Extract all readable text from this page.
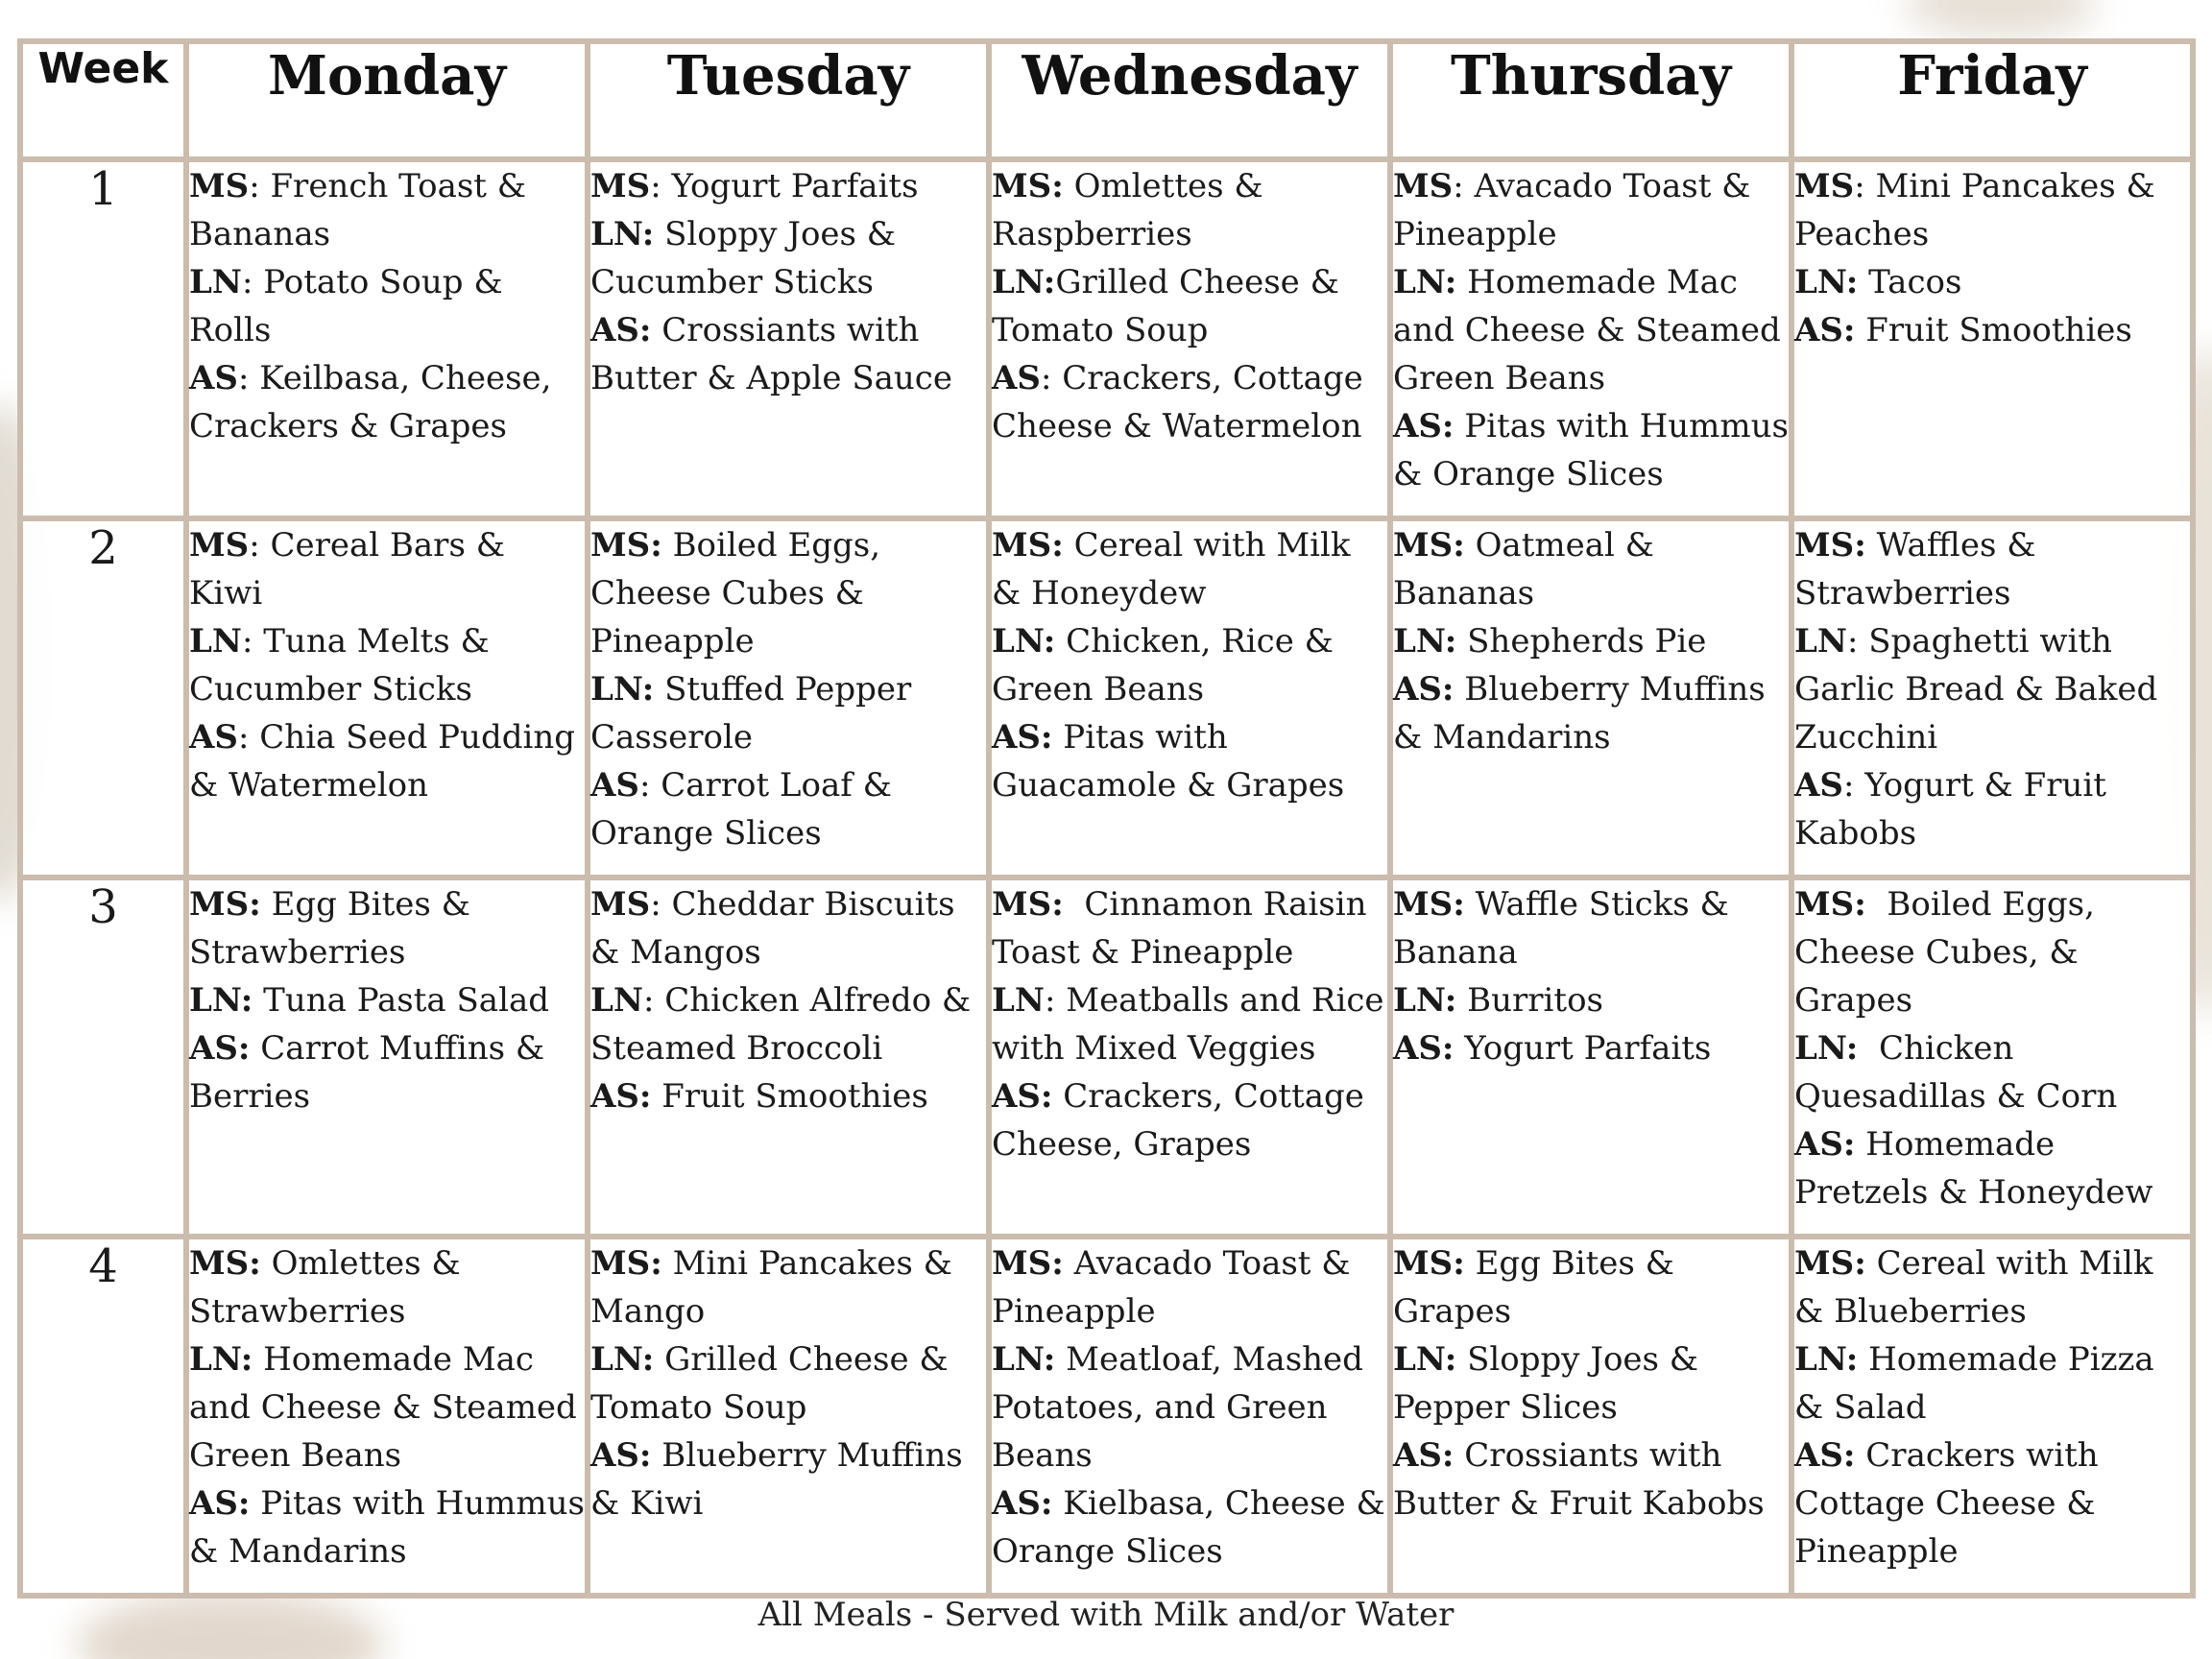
Week	Monday	Tuesday	Wednesday	Thursday	Friday
1	MS: French Toast & Bananas
LN: Potato Soup & Rolls
AS: Keilbasa, Cheese, Crackers & Grapes	MS: Yogurt Parfaits
LN: Sloppy Joes & Cucumber Sticks
AS: Crossiants with Butter & Apple Sauce	MS: Omlettes & Raspberries
LN:Grilled Cheese & Tomato Soup
AS: Crackers, Cottage Cheese & Watermelon	MS: Avacado Toast & Pineapple
LN: Homemade Mac and Cheese & Steamed Green Beans
AS: Pitas with Hummus & Orange Slices	MS: Mini Pancakes & Peaches
LN: Tacos
AS: Fruit Smoothies

2	MS: Cereal Bars & Kiwi
LN: Tuna Melts & Cucumber Sticks
AS: Chia Seed Pudding & Watermelon	MS: Boiled Eggs, Cheese Cubes & Pineapple
LN: Stuffed Pepper Casserole
AS: Carrot Loaf & Orange Slices	MS: Cereal with Milk & Honeydew
LN: Chicken, Rice & Green Beans
AS: Pitas with Guacamole & Grapes	MS: Oatmeal & Bananas
LN: Shepherds Pie
AS: Blueberry Muffins & Mandarins	MS: Waffles & Strawberries
LN: Spaghetti with Garlic Bread & Baked Zucchini
AS: Yogurt & Fruit Kabobs

3	MS: Egg Bites & Strawberries
LN: Tuna Pasta Salad
AS: Carrot Muffins & Berries	MS: Cheddar Biscuits & Mangos
LN: Chicken Alfredo & Steamed Broccoli
AS: Fruit Smoothies	MS: Cinnamon Raisin Toast & Pineapple
LN: Meatballs and Rice with Mixed Veggies
AS: Crackers, Cottage Cheese, Grapes	MS: Waffle Sticks & Banana
LN: Burritos
AS: Yogurt Parfaits	MS: Boiled Eggs, Cheese Cubes, & Grapes
LN: Chicken Quesadillas & Corn
AS: Homemade Pretzels & Honeydew

4	MS: Omlettes & Strawberries
LN: Homemade Mac and Cheese & Steamed Green Beans
AS: Pitas with Hummus & Mandarins	MS: Mini Pancakes & Mango
LN: Grilled Cheese & Tomato Soup
AS: Blueberry Muffins & Kiwi	MS: Avacado Toast & Pineapple
LN: Meatloaf, Mashed Potatoes, and Green Beans
AS: Kielbasa, Cheese & Orange Slices	MS: Egg Bites & Grapes
LN: Sloppy Joes & Pepper Slices
AS: Crossiants with Butter & Fruit Kabobs	MS: Cereal with Milk & Blueberries
LN: Homemade Pizza & Salad
AS: Crackers with Cottage Cheese & Pineapple
All Meals - Served with Milk and/or Water
